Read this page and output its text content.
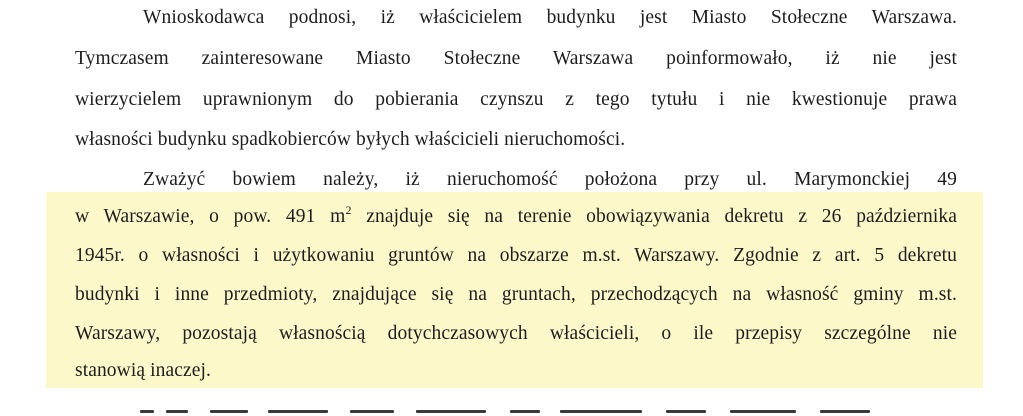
Wnioskodawca podnosi, iż właścicielem budynku jest Miasto Stołeczne Warszawa.
Tymczasem zainteresowane Miasto Stołeczne Warszawa poinformowało, iż nie jest
wierzycielem uprawnionym do pobierania czynszu z tego tytułu i nie kwestionuje prawa
własności budynku spadkobierców byłych właścicieli nieruchomości.
Zważyć bowiem należy, iż nieruchomość położona przy ul. Marymonckiej 49
w Warszawie, o pow. 491 $m^2$ znajduje się na terenie obowiązywania dekretu z 26 października
1945r. o własności i użytkowaniu gruntów na obszarze m.st. Warszawy. Zgodnie z art. 5 dekretu
budynki i inne przedmioty, znajdujące się na gruntach, przechodzących na własność gminy m.st.
Warszawy, pozostają własnością dotychczasowych właścicieli, o ile przepisy szczególne nie
stanowią inaczej.
